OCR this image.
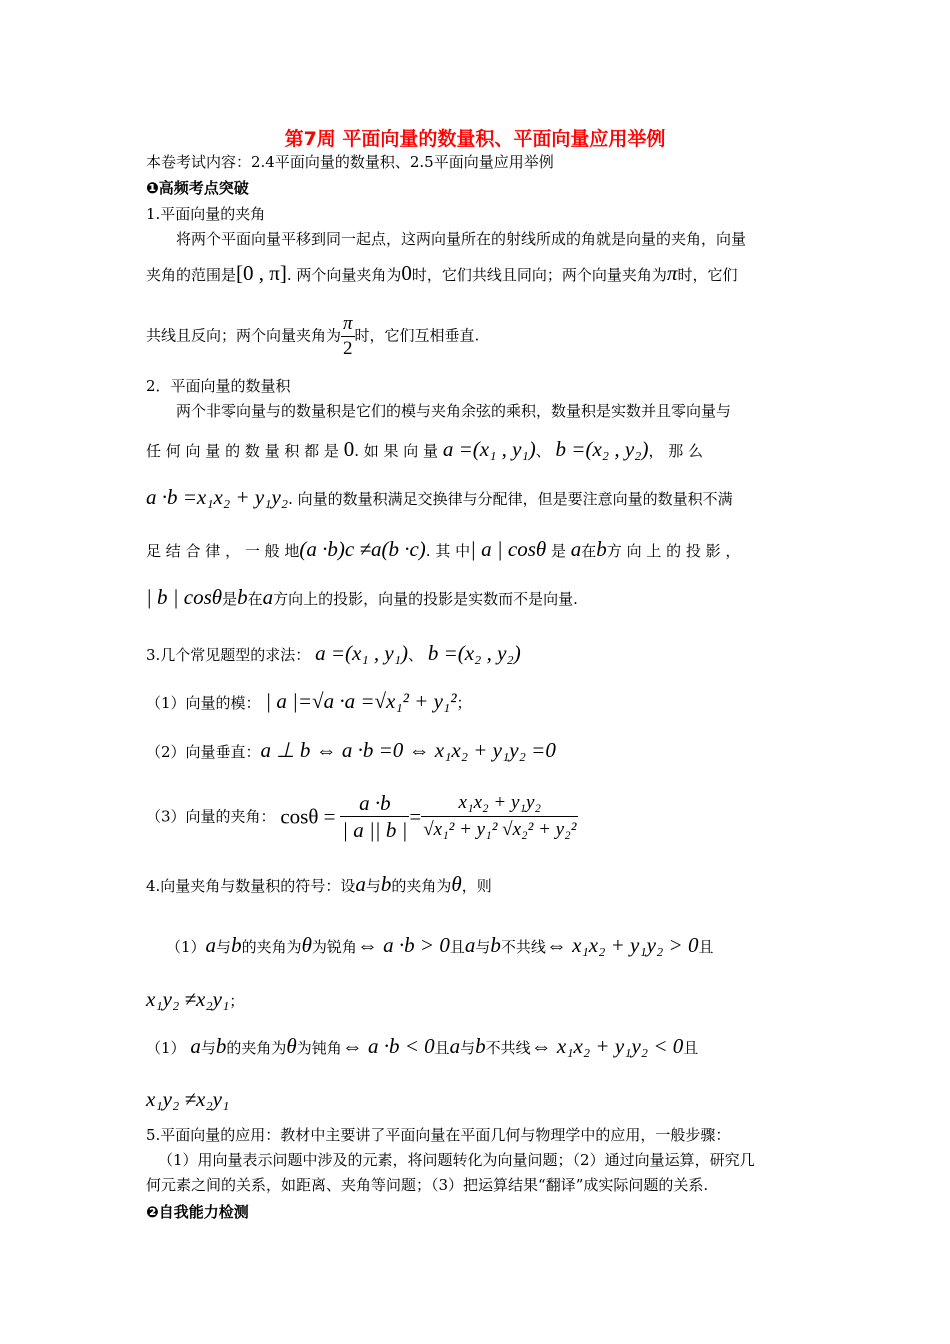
第7周 平面向量的数量积、平面向量应用举例
本卷考试内容：2.4平面向量的数量积、2.5平面向量应用举例
❶高频考点突破
1.平面向量的夹角
将两个平面向量平移到同一起点，这两向量所在的射线所成的角就是向量的夹角，向量
夹角的范围是[0 , π]. 两个向量夹角为0时，它们共线且同向；两个向量夹角为π时，它们
共线且反向；两个向量夹角为 $\frac{\pi}{2}$ 时，它们互相垂直.
2．平面向量的数量积
两个非零向量与的数量积是它们的模与夹角余弦的乘积，数量积是实数并且零向量与
任 何 向 量 的 数 量 积 都 是 0. 如 果 向 量 a =(x₁ , y₁)、 b =(x₂ , y₂)， 那 么
a ·b =x₁x₂ + y₁y₂. 向量的数量积满足交换律与分配律，但是要注意向量的数量积不满
足 结 合 律 ， 一 般 地(a ·b)c ≠a(b ·c). 其 中| a | cosθ 是 a在b方 向 上 的 投 影 ，
| b | cosθ是b在a方向上的投影，向量的投影是实数而不是向量.
3.几个常见题型的求法： a =(x₁ , y₁)、 b =(x₂ , y₂)
（1）向量的模： | a |=√a ·a =√x₁² + y₁²；
（2）向量垂直：a ⊥ b ⇔ a ·b =0 ⇔ x₁x₂ + y₁y₂ =0
（3）向量的夹角： $\cos\theta = \frac{a \cdot b}{| a || b |} = \frac{\text{x₁x₂ + y₁y₂}}{\text{√x₁² + y₁² √x₂² + y₂²}}$
4.向量夹角与数量积的符号：设a与b的夹角为θ，则
（1）a与b的夹角为θ为锐角⇔ a ·b > 0且a与b不共线⇔ x₁x₂ + y₁y₂ > 0且
x₁y₂ ≠x₂y₁；
（1） a与b的夹角为θ为钝角⇔ a ·b < 0且a与b不共线⇔ x₁x₂ + y₁y₂ < 0且
x₁y₂ ≠x₂y₁
5.平面向量的应用：教材中主要讲了平面向量在平面几何与物理学中的应用，一般步骤：
（1）用向量表示问题中涉及的元素，将问题转化为向量问题；（2）通过向量运算，研究几
何元素之间的关系，如距离、夹角等问题；（3）把运算结果“翻译”成实际问题的关系.
❷自我能力检测
